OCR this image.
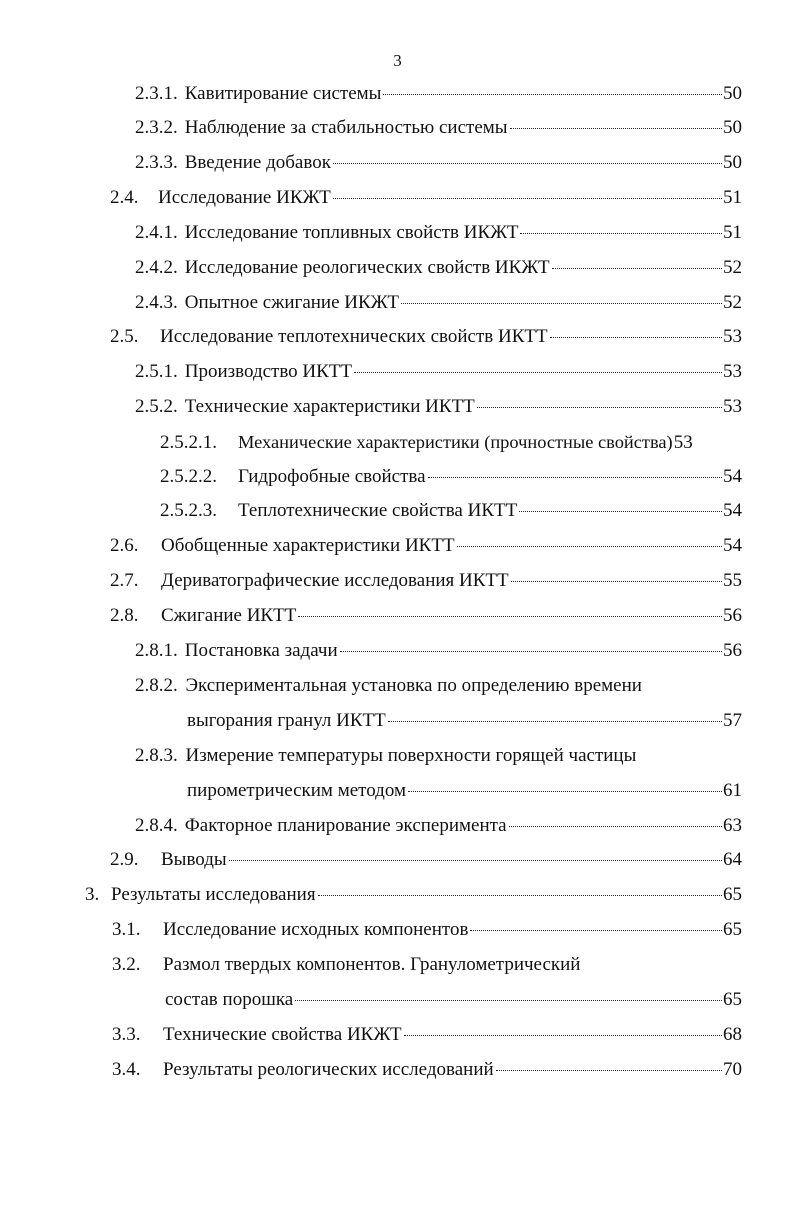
3
2.3.1. Кавитирование системы	50
2.3.2. Наблюдение за стабильностью системы	50
2.3.3. Введение добавок	50
2.4.	Исследование ИКЖТ	51
2.4.1. Исследование топливных свойств ИКЖТ	51
2.4.2. Исследование реологических свойств ИКЖТ	52
2.4.3. Опытное сжигание ИКЖТ	52
2.5.	Исследование теплотехнических свойств ИКТТ	53
2.5.1. Производство ИКТТ	53
2.5.2. Технические характеристики ИКТТ	53
2.5.2.1.	Механические характеристики (прочностные свойства) 53
2.5.2.2.	Гидрофобные свойства	54
2.5.2.3.	Теплотехнические свойства ИКТТ	54
2.6.	Обобщенные характеристики ИКТТ	54
2.7.	Дериватографические исследования ИКТТ	55
2.8.	Сжигание ИКТТ	56
2.8.1. Постановка задачи	56
2.8.2. Экспериментальная установка по определению времени
выгорания гранул ИКТТ	57
2.8.3. Измерение температуры поверхности горящей частицы
пирометрическим методом	61
2.8.4. Факторное планирование эксперимента	63
2.9.	Выводы	64
3. Результаты исследования	65
3.1.	Исследование исходных компонентов	65
3.2. Размол твердых компонентов. Гранулометрический
состав порошка	65
3.3.	Технические свойства ИКЖТ	68
3.4.	Результаты реологических исследований	70
